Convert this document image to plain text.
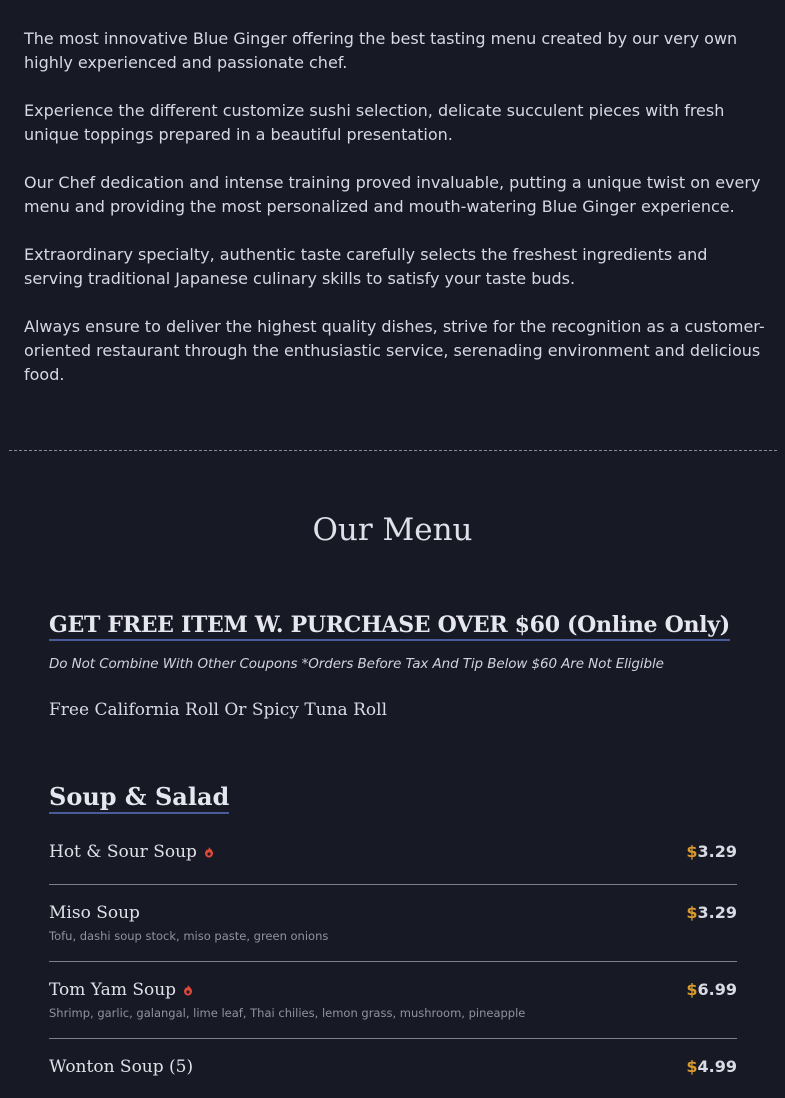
The most innovative Blue Ginger offering the best tasting menu created by our very own highly experienced and passionate chef.

Experience the different customize sushi selection, delicate succulent pieces with fresh unique toppings prepared in a beautiful presentation.

Our Chef dedication and intense training proved invaluable, putting a unique twist on every menu and providing the most personalized and mouth-watering Blue Ginger experience.

Extraordinary specialty, authentic taste carefully selects the freshest ingredients and serving traditional Japanese culinary skills to satisfy your taste buds.

Always ensure to deliver the highest quality dishes, strive for the recognition as a customer-oriented restaurant through the enthusiastic service, serenading environment and delicious food.

Our Menu
GET FREE ITEM W. PURCHASE OVER $60 (Online Only)
Do Not Combine With Other Coupons *Orders Before Tax And Tip Below $60 Are Not Eligible
Free California Roll Or Spicy Tuna Roll
Soup & Salad
Hot & Sour Soup	$3.29
Miso Soup
Tofu, dashi soup stock, miso paste, green onions
$3.29
Tom Yam Soup
Shrimp, garlic, galangal, lime leaf, Thai chilies, lemon grass, mushroom, pineapple
$6.99
Wonton Soup (5)	$4.99
